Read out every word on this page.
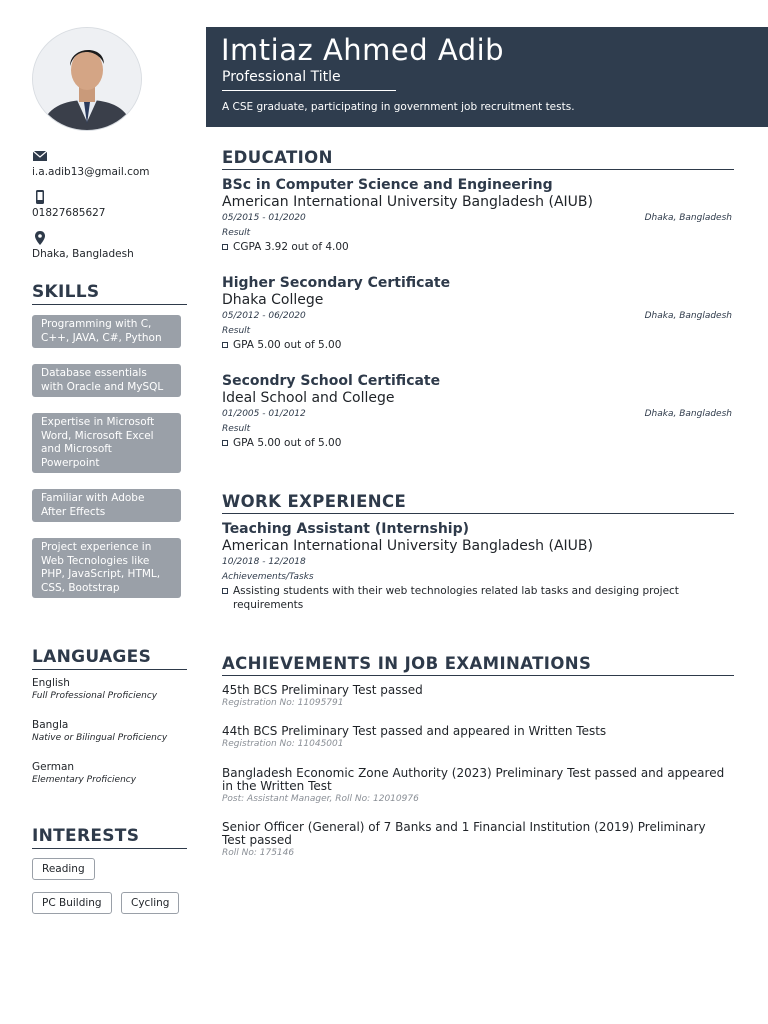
i.a.adib13@gmail.com
01827685627
Dhaka, Bangladesh
SKILLS
Programming with C, C++, JAVA, C#, Python
Database essentials with Oracle and MySQL
Expertise in Microsoft Word, Microsoft Excel and Microsoft Powerpoint
Familiar with Adobe After Effects
Project experience in Web Tecnologies like PHP, JavaScript, HTML, CSS, Bootstrap
LANGUAGES
English
Full Professional Proficiency
Bangla
Native or Bilingual Proficiency
German
Elementary Proficiency
INTERESTS
Reading
PC Building	Cycling
Imtiaz Ahmed Adib
Professional Title
A CSE graduate, participating in government job recruitment tests.
EDUCATION
BSc in Computer Science and Engineering
American International University Bangladesh (AIUB)
05/2015 - 01/2020	Dhaka, Bangladesh
Result
CGPA 3.92 out of 4.00
Higher Secondary Certificate
Dhaka College
05/2012 - 06/2020	Dhaka, Bangladesh
Result
GPA 5.00 out of 5.00
Secondry School Certificate
Ideal School and College
01/2005 - 01/2012	Dhaka, Bangladesh
Result
GPA 5.00 out of 5.00
WORK EXPERIENCE
Teaching Assistant (Internship)
American International University Bangladesh (AIUB)
10/2018 - 12/2018
Achievements/Tasks
Assisting students with their web technologies related lab tasks and desiging project requirements
ACHIEVEMENTS IN JOB EXAMINATIONS
45th BCS Preliminary Test passed
Registration No: 11095791
44th BCS Preliminary Test passed and appeared in Written Tests
Registration No: 11045001
Bangladesh Economic Zone Authority (2023) Preliminary Test passed and appeared in the Written Test
Post: Assistant Manager, Roll No: 12010976
Senior Officer (General) of 7 Banks and 1 Financial Institution (2019) Preliminary Test passed
Roll No: 175146
